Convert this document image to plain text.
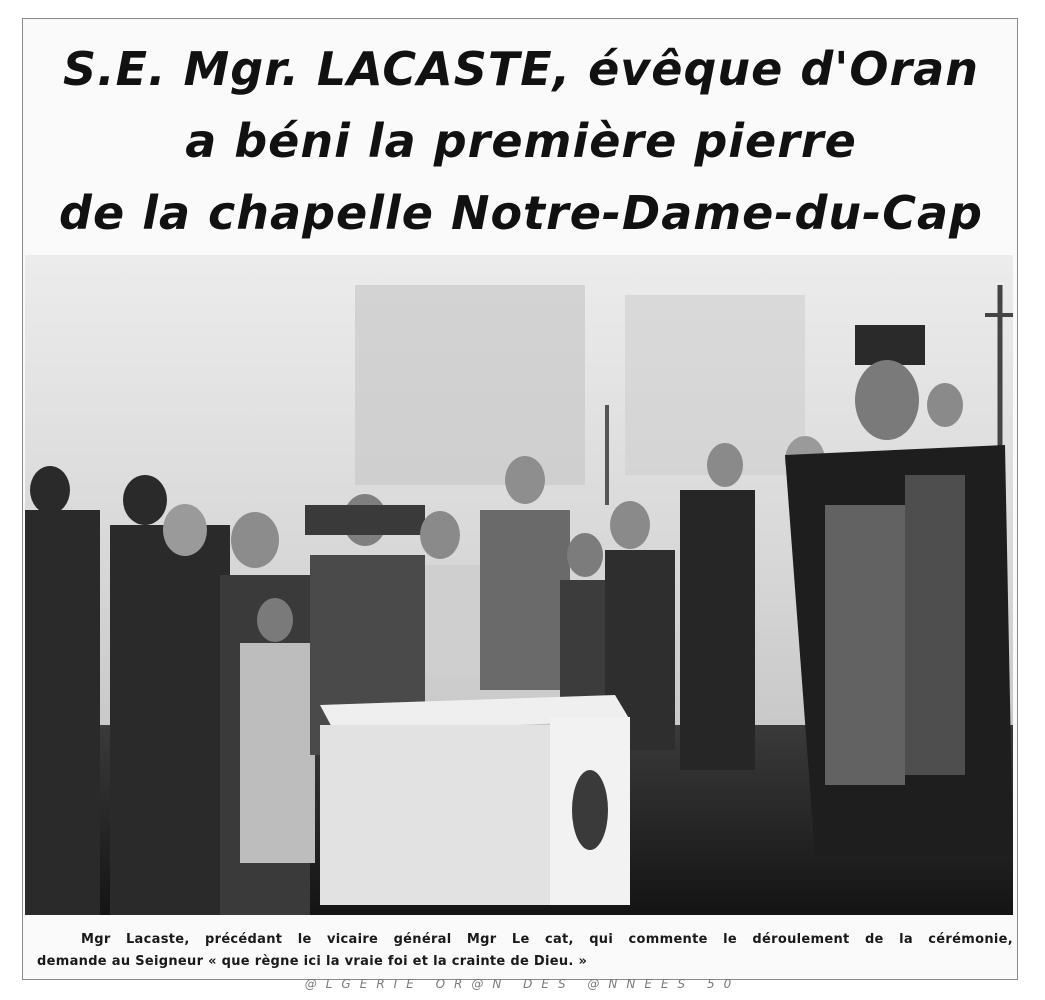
S.E. Mgr. LACASTE, évêque d'Oran
a béni la première pierre
de la chapelle Notre-Dame-du-Cap
Mgr Lacaste, précédant le vicaire général Mgr Le cat, qui commente le déroulement de la cérémonie,
demande au Seigneur « que règne ici la vraie foi et la crainte de Dieu. »
@LGERIE OR@N DES @NNEES 50
